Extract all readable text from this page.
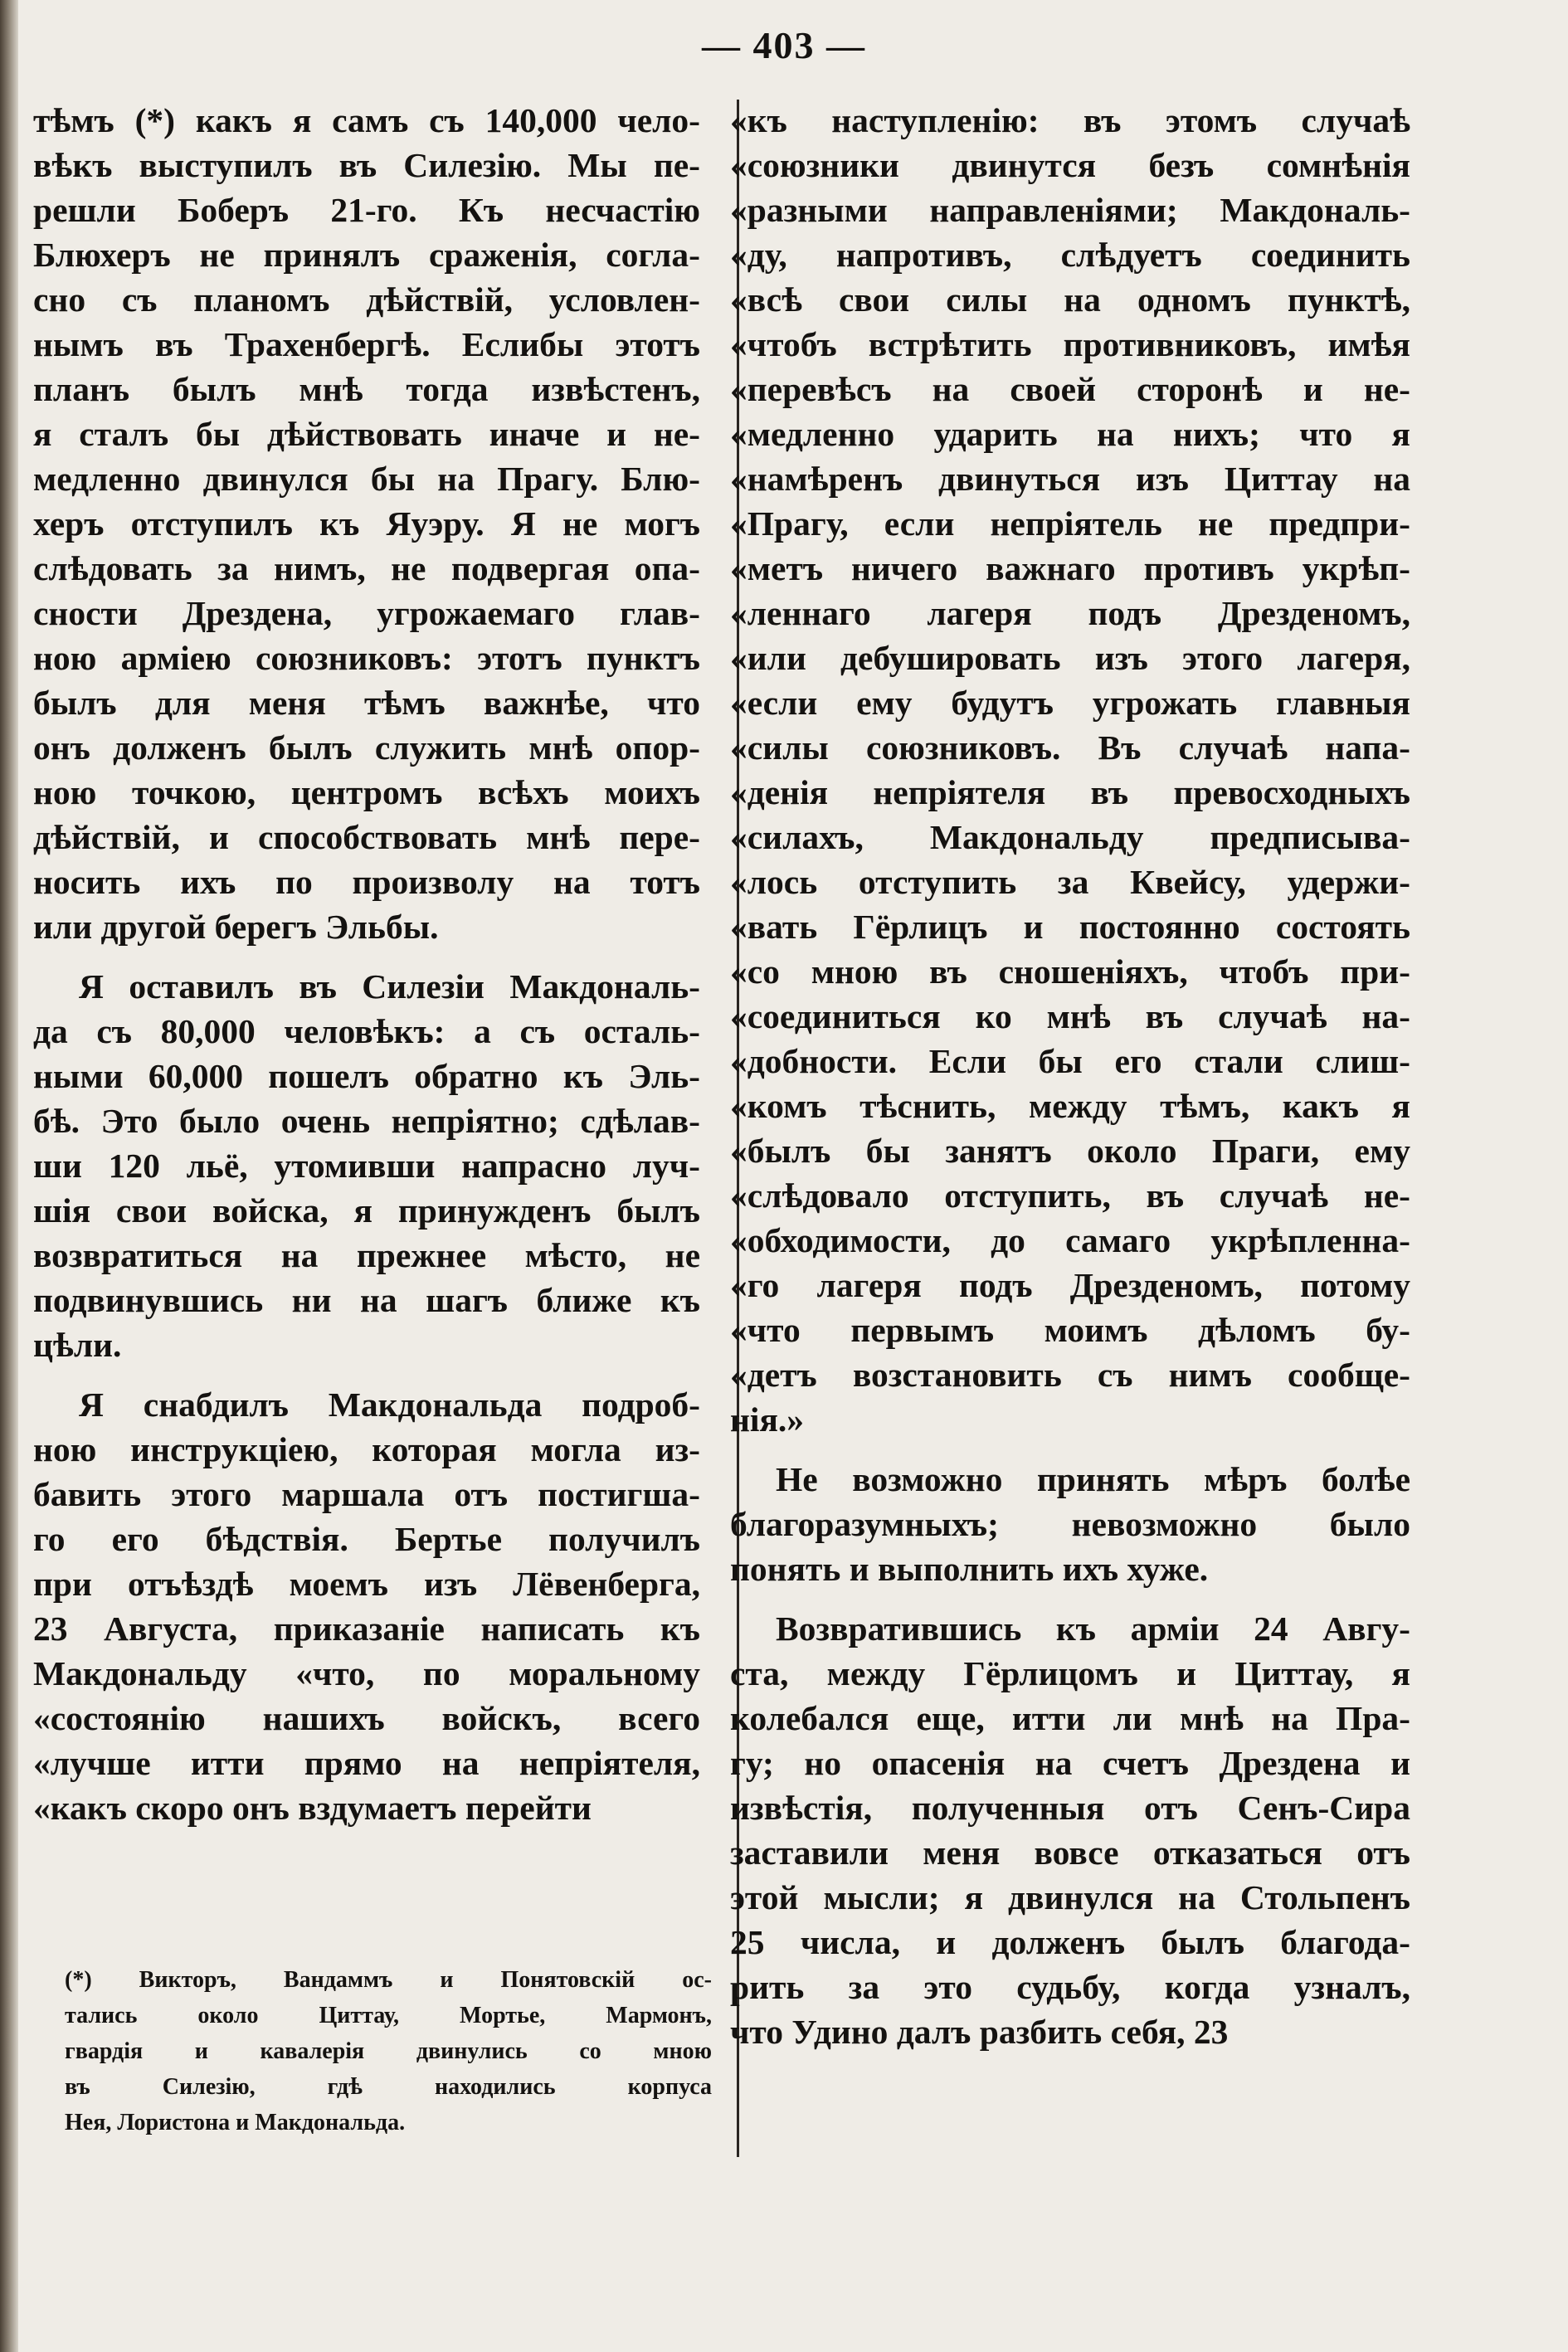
— 403 —
тѣмъ (*) какъ я самъ съ 140,000 чело-
вѣкъ выступилъ въ Силезію. Мы пе-
решли Боберъ 21-го. Къ несчастію
Блюхеръ не принялъ сраженія, согла-
сно съ планомъ дѣйствій, условлен-
нымъ въ Трахенбергѣ. Еслибы этотъ
планъ былъ мнѣ тогда извѣстенъ,
я сталъ бы дѣйствовать иначе и не-
медленно двинулся бы на Прагу. Блю-
херъ отступилъ къ Яуэру. Я не могъ
слѣдовать за нимъ, не подвергая опа-
сности Дрездена, угрожаемаго глав-
ною арміею союзниковъ: этотъ пунктъ
былъ для меня тѣмъ важнѣе, что
онъ долженъ былъ служить мнѣ опор-
ною точкою, центромъ всѣхъ моихъ
дѣйствій, и способствовать мнѣ пере-
носить ихъ по произволу на тотъ
или другой берегъ Эльбы.
Я оставилъ въ Силезіи Макдональ-
да съ 80,000 человѣкъ: а съ осталь-
ными 60,000 пошелъ обратно къ Эль-
бѣ. Это было очень непріятно; сдѣлав-
ши 120 льё, утомивши напрасно луч-
шія свои войска, я принужденъ былъ
возвратиться на прежнее мѣсто, не
подвинувшись ни на шагъ ближе къ
цѣли.
Я снабдилъ Макдональда подроб-
ною инструкціею, которая могла из-
бавить этого маршала отъ постигша-
го его бѣдствія. Бертье получилъ
при отъѣздѣ моемъ изъ Лёвенберга,
23 Августа, приказаніе написать къ
Макдональду «что, по моральному
«состоянію нашихъ войскъ, всего
«лучше итти прямо на непріятеля,
«какъ скоро онъ вздумаетъ перейти
«къ наступленію: въ этомъ случаѣ
«союзники двинутся безъ сомнѣнія
«разными направленіями; Макдональ-
«ду, напротивъ, слѣдуетъ соединить
«всѣ свои силы на одномъ пунктѣ,
«чтобъ встрѣтить противниковъ, имѣя
«перевѣсъ на своей сторонѣ и не-
«медленно ударить на нихъ; что я
«намѣренъ двинуться изъ Циттау на
«Прагу, если непріятель не предпри-
«метъ ничего важнаго противъ укрѣп-
«леннаго лагеря подъ Дрезденомъ,
«или дебушировать изъ этого лагеря,
«если ему будутъ угрожать главныя
«силы союзниковъ. Въ случаѣ напа-
«денія непріятеля въ превосходныхъ
«силахъ, Макдональду предписыва-
«лось отступить за Квейсу, удержи-
«вать Гёрлицъ и постоянно состоять
«со мною въ сношеніяхъ, чтобъ при-
«соединиться ко мнѣ въ случаѣ на-
«добности. Если бы его стали слиш-
«комъ тѣснить, между тѣмъ, какъ я
«былъ бы занятъ около Праги, ему
«слѣдовало отступить, въ случаѣ не-
«обходимости, до самаго укрѣпленна-
«го лагеря подъ Дрезденомъ, потому
«что первымъ моимъ дѣломъ бу-
«детъ возстановить съ нимъ сообще-
нія.»
Не возможно принять мѣръ болѣе
благоразумныхъ; невозможно было
понять и выполнить ихъ хуже.
Возвратившись къ арміи 24 Авгу-
ста, между Гёрлицомъ и Циттау, я
колебался еще, итти ли мнѣ на Пра-
гу; но опасенія на счетъ Дрездена и
извѣстія, полученныя отъ Сенъ-Сира
заставили меня вовсе отказаться отъ
этой мысли; я двинулся на Стольпенъ
25 числа, и долженъ былъ благода-
рить за это судьбу, когда узналъ,
что Удино далъ разбить себя, 23
(*) Викторъ, Вандаммъ и Понятовскій ос-
тались около Циттау, Мортье, Мармонъ,
гвардія и кавалерія двинулись со мною
въ Силезію, гдѣ находились корпуса
Нея, Лористона и Макдональда.
